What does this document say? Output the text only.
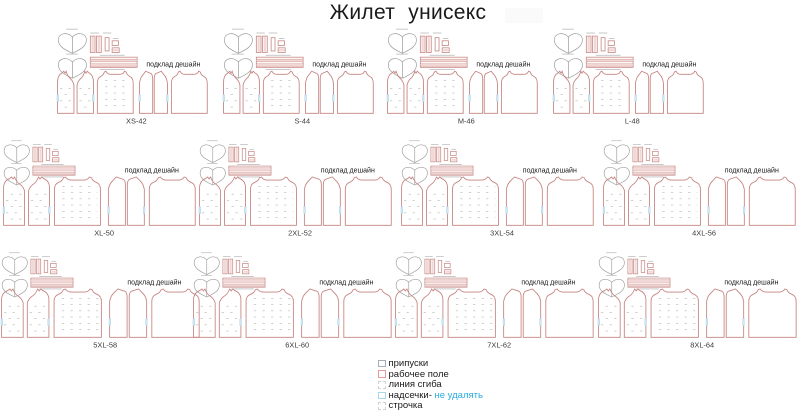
Жилет унисекс
подклад дешайн
XS-42
подклад дешайн
S-44
подклад дешайн
M-46
подклад дешайн
L-48
подклад дешайн
XL-50
подклад дешайн
2XL-52
подклад дешайн
3XL-54
подклад дешайн
4XL-56
подклад дешайн
5XL-58
подклад дешайн
6XL-60
подклад дешайн
7XL-62
подклад дешайн
8XL-64
припуски
рабочее поле
линия сгиба
надсечки- не удалять
строчка
